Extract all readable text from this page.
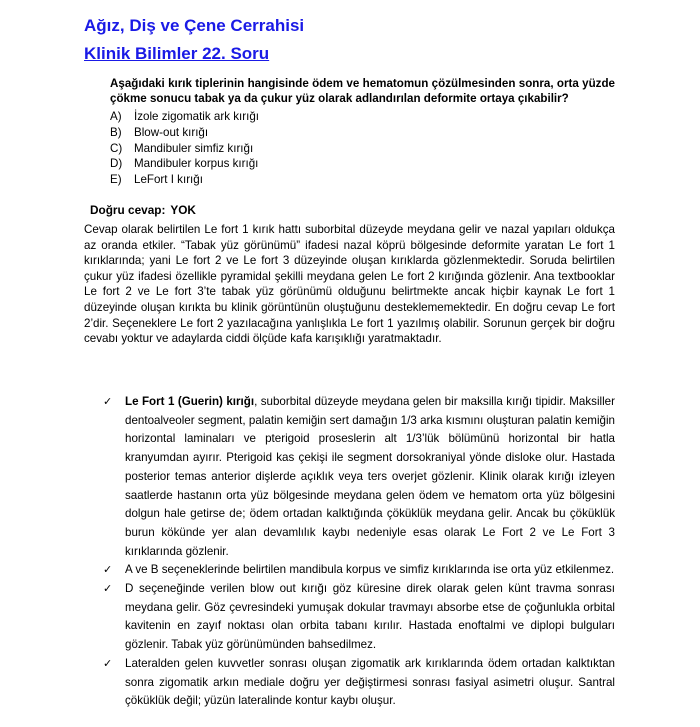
Ağız, Diş ve Çene Cerrahisi
Klinik Bilimler 22. Soru

Aşağıdaki kırık tiplerinin hangisinde ödem ve hematomun çözülmesinden sonra, orta yüzde çökme sonucu tabak ya da çukur yüz olarak adlandırılan deformite ortaya çıkabilir?

A) İzole zigomatik ark kırığı
B) Blow-out kırığı
C) Mandibuler simfiz kırığı
D) Mandibuler korpus kırığı
E) LeFort I kırığı

Doğru cevap: YOK

Cevap olarak belirtilen Le fort 1 kırık hattı suborbital düzeyde meydana gelir ve nazal yapıları oldukça az oranda etkiler. “Tabak yüz görünümü” ifadesi nazal köprü bölgesinde deformite yaratan Le fort 1 kırıklarında; yani Le fort 2 ve Le fort 3 düzeyinde oluşan kırıklarda gözlenmektedir. Soruda belirtilen çukur yüz ifadesi özellikle pyramidal şekilli meydana gelen Le fort 2 kırığında gözlenir. Ana textbooklar Le fort 2 ve Le fort 3’te tabak yüz görünümü olduğunu belirtmekte ancak hiçbir kaynak Le fort 1 düzeyinde oluşan kırıkta bu klinik görüntünün oluştuğunu desteklememektedir. En doğru cevap Le fort 2’dir. Seçeneklere Le fort 2 yazılacağına yanlışlıkla Le fort 1 yazılmış olabilir. Sorunun gerçek bir doğru cevabı yoktur ve adaylarda ciddi ölçüde kafa karışıklığı yaratmaktadır.

✓ Le Fort 1 (Guerin) kırığı, suborbital düzeyde meydana gelen bir maksilla kırığı tipidir. Maksiller dentoalveoler segment, palatin kemiğin sert damağın 1/3 arka kısmını oluşturan palatin kemiğin horizontal laminaları ve pterigoid proseslerin alt 1/3’lük bölümünü horizontal bir hatla kranyumdan ayırır. Pterigoid kas çekişi ile segment dorsokraniyal yönde disloke olur. Hastada posterior temas anterior dişlerde açıklık veya ters overjet gözlenir. Klinik olarak kırığı izleyen saatlerde hastanın orta yüz bölgesinde meydana gelen ödem ve hematom orta yüz bölgesini dolgun hale getirse de; ödem ortadan kalktığında çöküklük meydana gelir. Ancak bu çöküklük burun kökünde yer alan devamlılık kaybı nedeniyle esas olarak Le Fort 2 ve Le Fort 3 kırıklarında gözlenir.
✓ A ve B seçeneklerinde belirtilen mandibula korpus ve simfiz kırıklarında ise orta yüz etkilenmez.
✓ D seçeneğinde verilen blow out kırığı göz küresine direk olarak gelen künt travma sonrası meydana gelir. Göz çevresindeki yumuşak dokular travmayı absorbe etse de çoğunlukla orbital kavitenin en zayıf noktası olan orbita tabanı kırılır. Hastada enoftalmi ve diplopi bulguları gözlenir. Tabak yüz görünümünden bahsedilmez.
✓ Lateralden gelen kuvvetler sonrası oluşan zigomatik ark kırıklarında ödem ortadan kalktıktan sonra zigomatik arkın mediale doğru yer değiştirmesi sonrası fasiyal asimetri oluşur. Santral çöküklük değil; yüzün lateralinde kontur kaybı oluşur.
